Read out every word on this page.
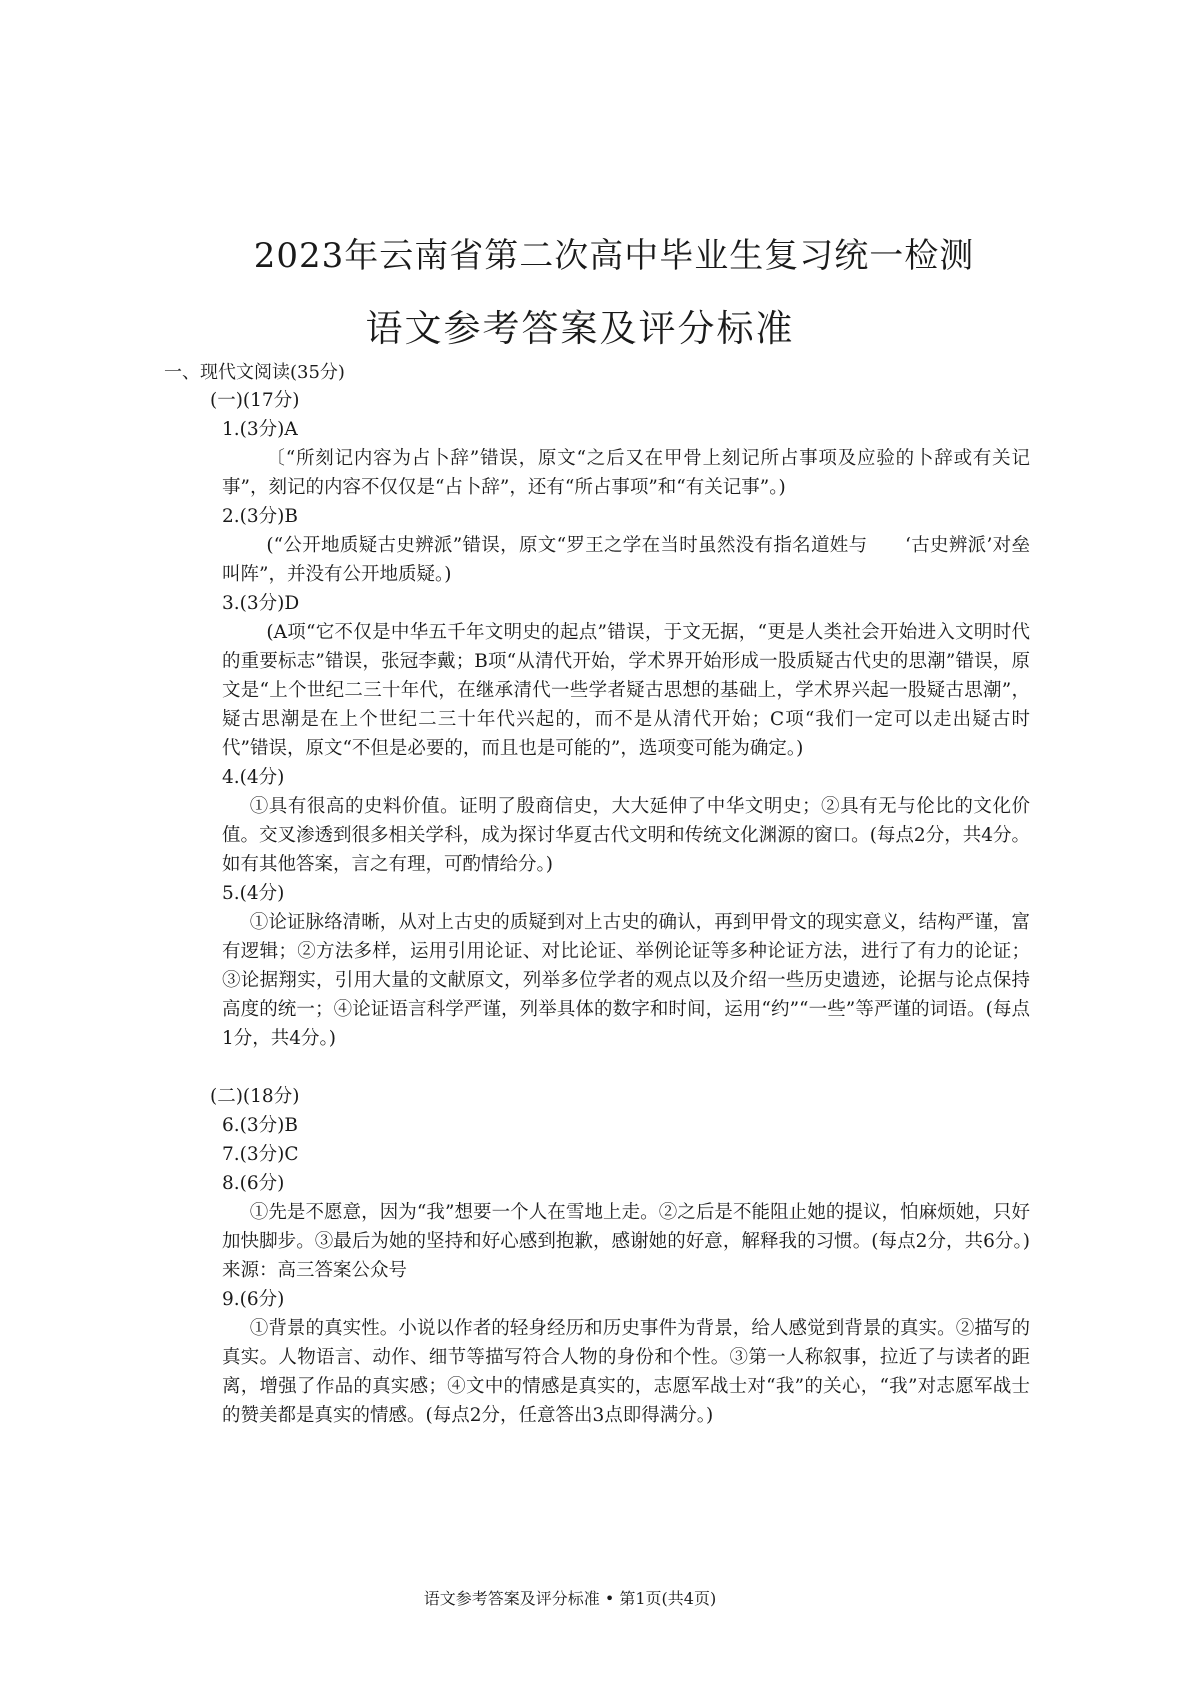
2023年云南省第二次高中毕业生复习统一检测
语文参考答案及评分标准
一、现代文阅读(35分)
(一)(17分)
1.(3分)A
〔“所刻记内容为占卜辞”错误，原文“之后又在甲骨上刻记所占事项及应验的卜辞或有关记事”，刻记的内容不仅仅是“占卜辞”，还有“所占事项”和“有关记事”。)
2.(3分)B
(“公开地质疑古史辨派”错误，原文“罗王之学在当时虽然没有指名道姓与　　‘古史辨派’对垒叫阵”，并没有公开地质疑。)
3.(3分)D
(A项“它不仅是中华五千年文明史的起点”错误，于文无据，“更是人类社会开始进入文明时代的重要标志”错误，张冠李戴；B项“从清代开始，学术界开始形成一股质疑古代史的思潮”错误，原文是“上个世纪二三十年代，在继承清代一些学者疑古思想的基础上，学术界兴起一股疑古思潮”，疑古思潮是在上个世纪二三十年代兴起的，而不是从清代开始；C项“我们一定可以走出疑古时代”错误，原文“不但是必要的，而且也是可能的”，选项变可能为确定。)
4.(4分)
①具有很高的史料价值。证明了殷商信史，大大延伸了中华文明史；②具有无与伦比的文化价值。交叉渗透到很多相关学科，成为探讨华夏古代文明和传统文化渊源的窗口。(每点2分，共4分。如有其他答案，言之有理，可酌情给分。)
5.(4分)
①论证脉络清晰，从对上古史的质疑到对上古史的确认，再到甲骨文的现实意义，结构严谨，富有逻辑；②方法多样，运用引用论证、对比论证、举例论证等多种论证方法，进行了有力的论证；③论据翔实，引用大量的文献原文，列举多位学者的观点以及介绍一些历史遗迹，论据与论点保持高度的统一；④论证语言科学严谨，列举具体的数字和时间，运用“约”“一些”等严谨的词语。(每点1分，共4分。)
(二)(18分)
6.(3分)B
7.(3分)C
8.(6分)
①先是不愿意，因为“我”想要一个人在雪地上走。②之后是不能阻止她的提议，怕麻烦她，只好加快脚步。③最后为她的坚持和好心感到抱歉，感谢她的好意，解释我的习惯。(每点2分，共6分。)来源：高三答案公众号
9.(6分)
①背景的真实性。小说以作者的轻身经历和历史事件为背景，给人感觉到背景的真实。②描写的真实。人物语言、动作、细节等描写符合人物的身份和个性。③第一人称叙事，拉近了与读者的距离，增强了作品的真实感；④文中的情感是真实的，志愿军战士对“我”的关心，“我”对志愿军战士的赞美都是真实的情感。(每点2分，任意答出3点即得满分。)
语文参考答案及评分标准 • 第1页(共4页)
